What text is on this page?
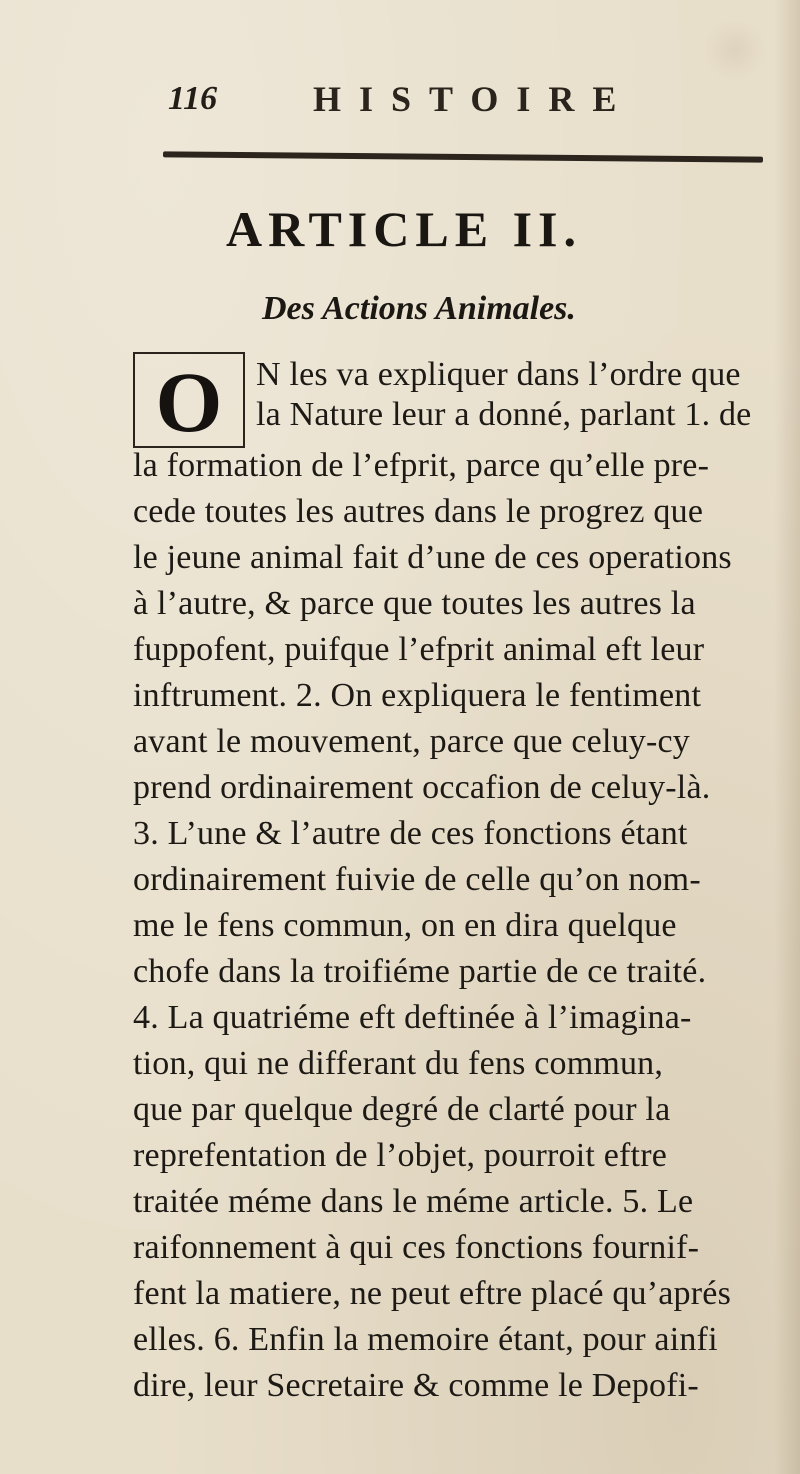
116	HISTOIRE
ARTICLE II.
Des Actions Animales.
O N les va expliquer dans l’ordre que
la Nature leur a donné, parlant 1. de
la formation de l’efprit, parce qu’elle pre-
cede toutes les autres dans le progrez que
le jeune animal fait d’une de ces operations
à l’autre, & parce que toutes les autres la
fuppofent, puifque l’efprit animal eft leur
inftrument. 2. On expliquera le fentiment
avant le mouvement, parce que celuy-cy
prend ordinairement occafion de celuy-là.
3. L’une & l’autre de ces fonctions étant
ordinairement fuivie de celle qu’on nom-
me le fens commun, on en dira quelque
chofe dans la troifiéme partie de ce traité.
4. La quatriéme eft deftinée à l’imagina-
tion, qui ne differant du fens commun,
que par quelque degré de clarté pour la
reprefentation de l’objet, pourroit eftre
traitée méme dans le méme article. 5. Le
raifonnement à qui ces fonctions fournif-
fent la matiere, ne peut eftre placé qu’aprés
elles. 6. Enfin la memoire étant, pour ainfi
dire, leur Secretaire & comme le Depofi-
